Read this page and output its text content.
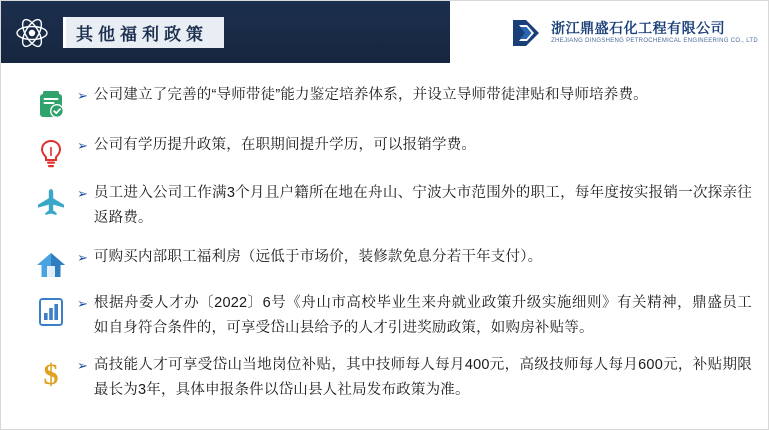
其他福利政策	浙江鼎盛石化工程有限公司
ZHEJIANG DINGSHENG PETROCHEMICAL ENGINEERING CO., LTD
➢ 公司建立了完善的“导师带徒”能力鉴定培养体系，并设立导师带徒津贴和导师培养费。
➢ 公司有学历提升政策，在职期间提升学历，可以报销学费。
➢ 员工进入公司工作满3个月且户籍所在地在舟山、宁波大市范围外的职工，每年度按实报销一次探亲往返路费。
➢ 可购买内部职工福利房（远低于市场价，装修款免息分若干年支付）。
➢ 根据舟委人才办〔2022〕6号《舟山市高校毕业生来舟就业政策升级实施细则》有关精神，鼎盛员工如自身符合条件的，可享受岱山县给予的人才引进奖励政策，如购房补贴等。
$ ➢ 高技能人才可享受岱山当地岗位补贴，其中技师每人每月400元，高级技师每人每月600元，补贴期限最长为3年，具体申报条件以岱山县人社局发布政策为准。
